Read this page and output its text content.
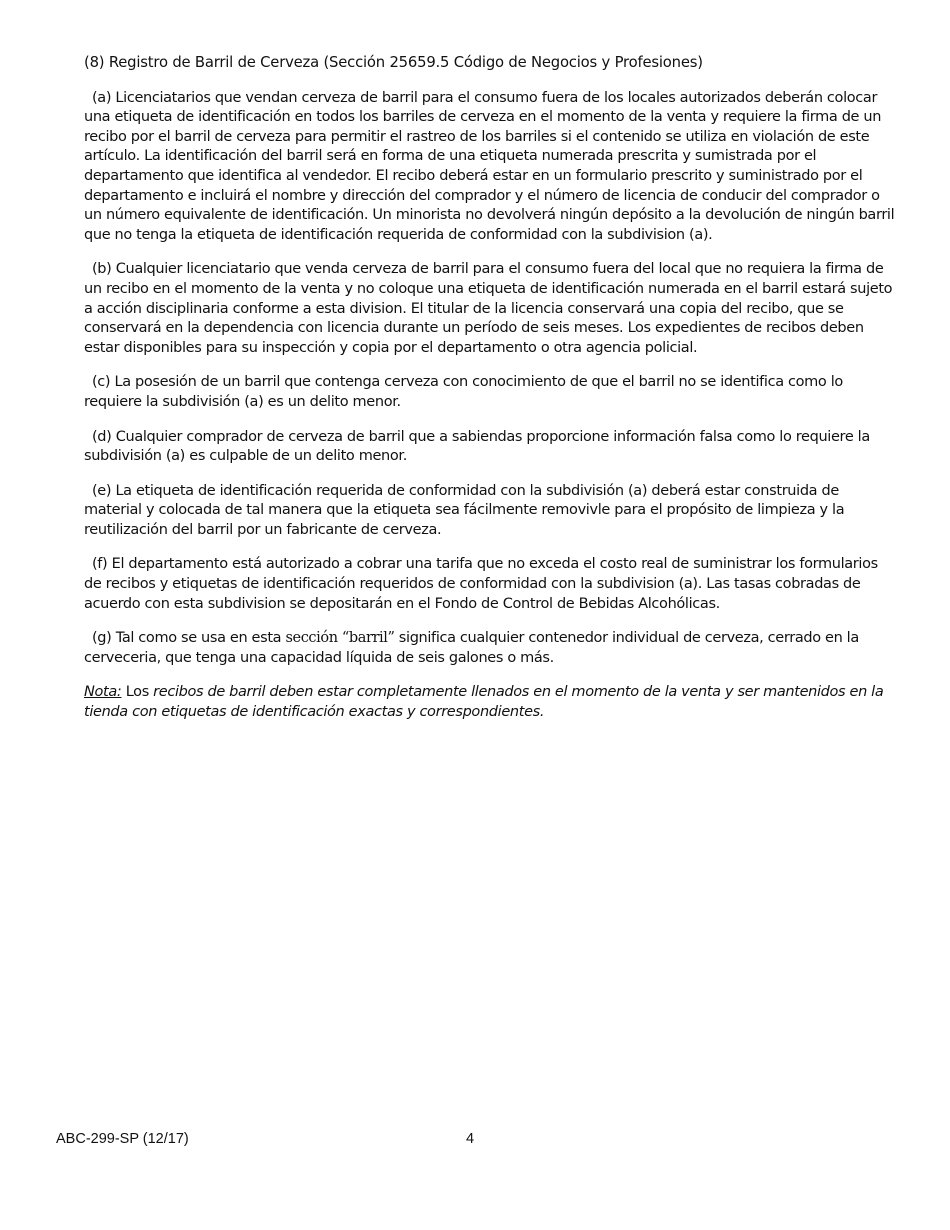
(8) Registro de Barril de Cerveza (Sección 25659.5 Código de Negocios y Profesiones)

(a) Licenciatarios que vendan cerveza de barril para el consumo fuera de los locales autorizados deberán colocar una etiqueta de identificación en todos los barriles de cerveza en el momento de la venta y requiere la firma de un recibo por el barril de cerveza para permitir el rastreo de los barriles si el contenido se utiliza en violación de este artículo. La identificación del barril será en forma de una etiqueta numerada prescrita y sumistrada por el departamento que identifica al vendedor. El recibo deberá estar en un formulario prescrito y suministrado por el departamento e incluirá el nombre y dirección del comprador y el número de licencia de conducir del comprador o un número equivalente de identificación. Un minorista no devolverá ningún depósito a la devolución de ningún barril que no tenga la etiqueta de identificación requerida de conformidad con la subdivision (a).

(b) Cualquier licenciatario que venda cerveza de barril para el consumo fuera del local que no requiera la firma de un recibo en el momento de la venta y no coloque una etiqueta de identificación numerada en el barril estará sujeto a acción disciplinaria conforme a esta division. El titular de la licencia conservará una copia del recibo, que se conservará en la dependencia con licencia durante un período de seis meses. Los expedientes de recibos deben estar disponibles para su inspección y copia por el departamento o otra agencia policial.

(c) La posesión de un barril que contenga cerveza con conocimiento de que el barril no se identifica como lo requiere la subdivisión (a) es un delito menor.

(d) Cualquier comprador de cerveza de barril que a sabiendas proporcione información falsa como lo requiere la subdivisión (a) es culpable de un delito menor.

(e) La etiqueta de identificación requerida de conformidad con la subdivisión (a) deberá estar construida de material y colocada de tal manera que la etiqueta sea fácilmente removivle para el propósito de limpieza y la reutilización del barril por un fabricante de cerveza.

(f) El departamento está autorizado a cobrar una tarifa que no exceda el costo real de suministrar los formularios de recibos y etiquetas de identificación requeridos de conformidad con la subdivision (a). Las tasas cobradas de acuerdo con esta subdivision se depositarán en el Fondo de Control de Bebidas Alcohólicas.

(g) Tal como se usa en esta sección “barril” significa cualquier contenedor individual de cerveza, cerrado en la cerveceria, que tenga una capacidad líquida de seis galones o más.

Nota: Los recibos de barril deben estar completamente llenados en el momento de la venta y ser mantenidos en la tienda con etiquetas de identificación exactas y correspondientes.

ABC-299-SP (12/17)	4
